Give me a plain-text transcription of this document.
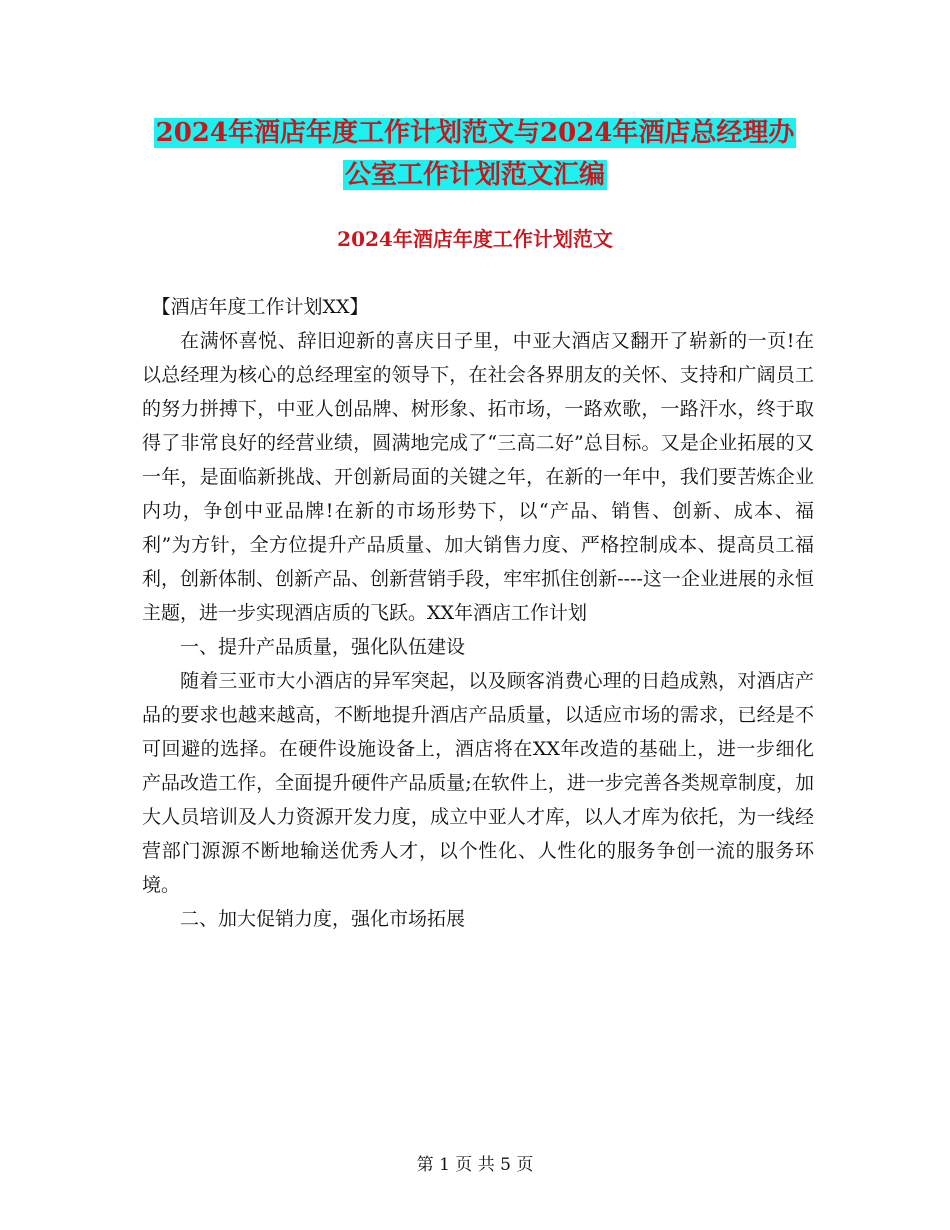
2024年酒店年度工作计划范文与2024年酒店总经理办
公室工作计划范文汇编
2024年酒店年度工作计划范文

【酒店年度工作计划XX】

在满怀喜悦、辞旧迎新的喜庆日子里，中亚大酒店又翻开了崭新的一页!在以总经理为核心的总经理室的领导下，在社会各界朋友的关怀、支持和广阔员工的努力拼搏下，中亚人创品牌、树形象、拓市场，一路欢歌，一路汗水，终于取得了非常良好的经营业绩，圆满地完成了“三高二好”总目标。又是企业拓展的又一年，是面临新挑战、开创新局面的关键之年，在新的一年中，我们要苦炼企业内功，争创中亚品牌!在新的市场形势下，以“产品、销售、创新、成本、福利”为方针，全方位提升产品质量、加大销售力度、严格控制成本、提高员工福利，创新体制、创新产品、创新营销手段，牢牢抓住创新----这一企业进展的永恒主题，进一步实现酒店质的飞跃。XX年酒店工作计划

一、提升产品质量，强化队伍建设

随着三亚市大小酒店的异军突起，以及顾客消费心理的日趋成熟，对酒店产品的要求也越来越高，不断地提升酒店产品质量，以适应市场的需求，已经是不可回避的选择。在硬件设施设备上，酒店将在XX年改造的基础上，进一步细化产品改造工作，全面提升硬件产品质量;在软件上，进一步完善各类规章制度，加大人员培训及人力资源开发力度，成立中亚人才库，以人才库为依托，为一线经营部门源源不断地输送优秀人才，以个性化、人性化的服务争创一流的服务环境。

二、加大促销力度，强化市场拓展

第 1 页 共 5 页
